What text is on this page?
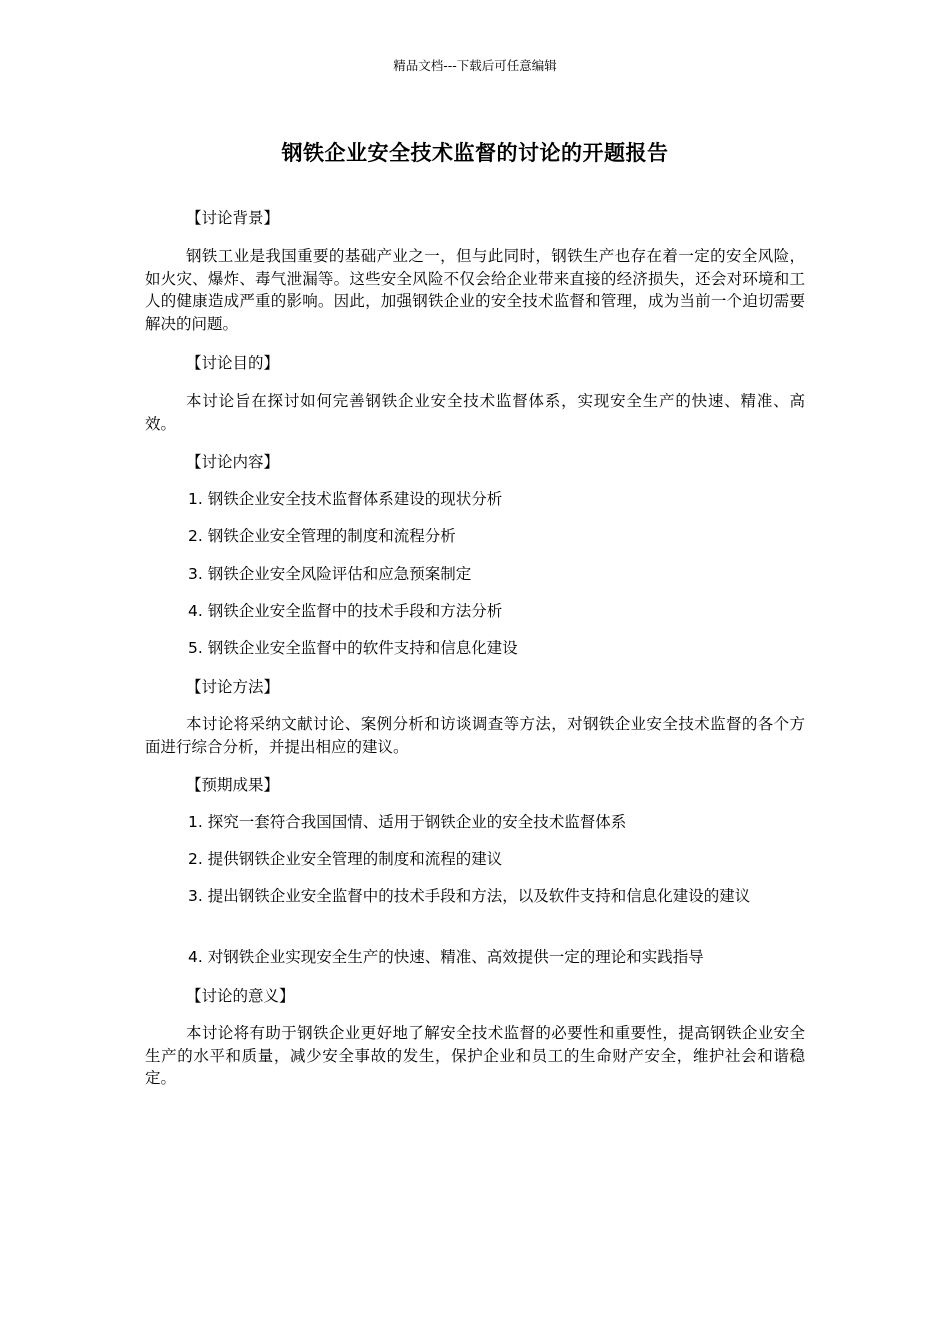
精品文档---下载后可任意编辑
钢铁企业安全技术监督的讨论的开题报告
【讨论背景】
钢铁工业是我国重要的基础产业之一，但与此同时，钢铁生产也存在着一定的安全风险，如火灾、爆炸、毒气泄漏等。这些安全风险不仅会给企业带来直接的经济损失，还会对环境和工人的健康造成严重的影响。因此，加强钢铁企业的安全技术监督和管理，成为当前一个迫切需要解决的问题。
【讨论目的】
本讨论旨在探讨如何完善钢铁企业安全技术监督体系，实现安全生产的快速、精准、高效。
【讨论内容】
1. 钢铁企业安全技术监督体系建设的现状分析
2. 钢铁企业安全管理的制度和流程分析
3. 钢铁企业安全风险评估和应急预案制定
4. 钢铁企业安全监督中的技术手段和方法分析
5. 钢铁企业安全监督中的软件支持和信息化建设
【讨论方法】
本讨论将采纳文献讨论、案例分析和访谈调查等方法，对钢铁企业安全技术监督的各个方面进行综合分析，并提出相应的建议。
【预期成果】
1. 探究一套符合我国国情、适用于钢铁企业的安全技术监督体系
2. 提供钢铁企业安全管理的制度和流程的建议
3. 提出钢铁企业安全监督中的技术手段和方法，以及软件支持和信息化建设的建议
4. 对钢铁企业实现安全生产的快速、精准、高效提供一定的理论和实践指导
【讨论的意义】
本讨论将有助于钢铁企业更好地了解安全技术监督的必要性和重要性，提高钢铁企业安全生产的水平和质量，减少安全事故的发生，保护企业和员工的生命财产安全，维护社会和谐稳定。
